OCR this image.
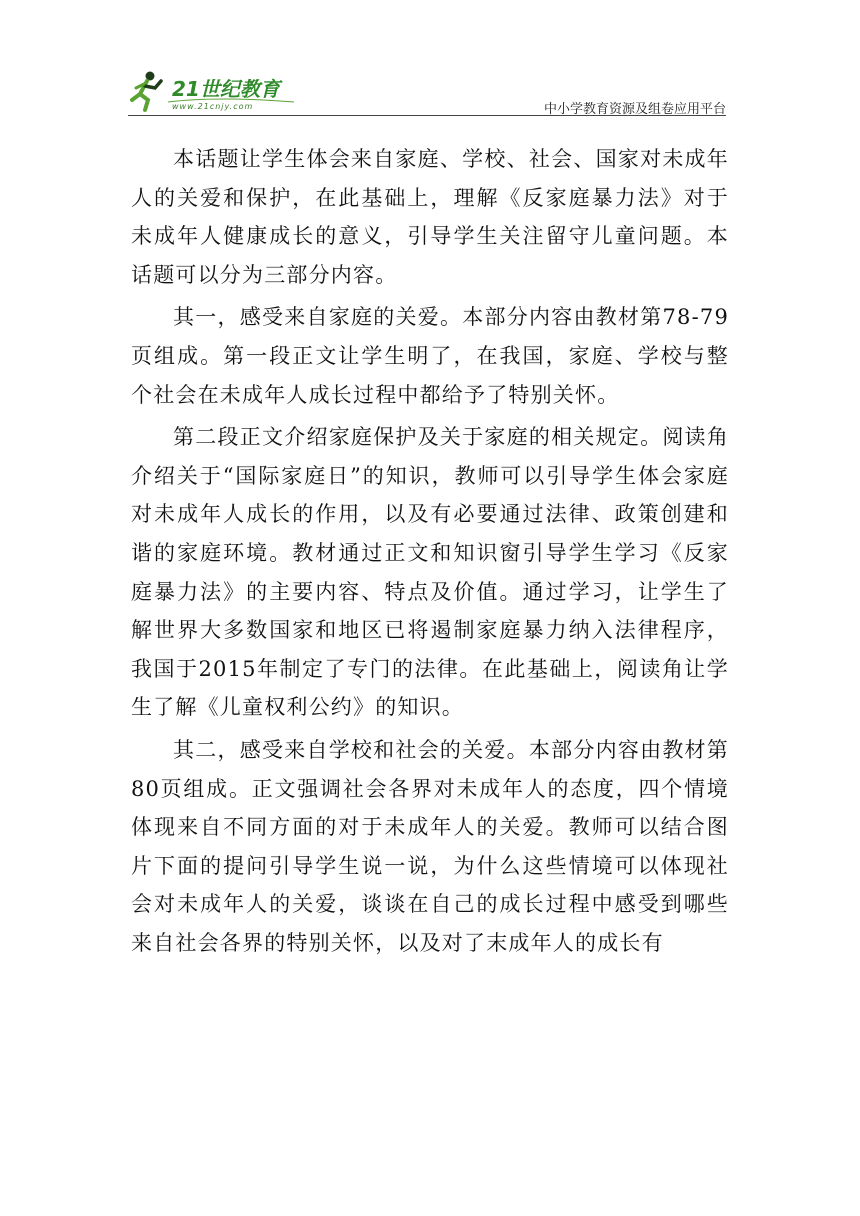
21世纪教育
www.21cnjy.com	中小学教育资源及组卷应用平台

本话题让学生体会来自家庭、学校、社会、国家对未成年人的关爱和保护，在此基础上，理解《反家庭暴力法》对于未成年人健康成长的意义，引导学生关注留守儿童问题。本话题可以分为三部分内容。

其一，感受来自家庭的关爱。本部分内容由教材第78-79页组成。第一段正文让学生明了，在我国，家庭、学校与整个社会在未成年人成长过程中都给予了特别关怀。

第二段正文介绍家庭保护及关于家庭的相关规定。阅读角介绍关于“国际家庭日”的知识，教师可以引导学生体会家庭对未成年人成长的作用，以及有必要通过法律、政策创建和谐的家庭环境。教材通过正文和知识窗引导学生学习《反家庭暴力法》的主要内容、特点及价值。通过学习，让学生了解世界大多数国家和地区已将遏制家庭暴力纳入法律程序，我国于2015年制定了专门的法律。在此基础上，阅读角让学生了解《儿童权利公约》的知识。

其二，感受来自学校和社会的关爱。本部分内容由教材第80页组成。正文强调社会各界对未成年人的态度，四个情境体现来自不同方面的对于未成年人的关爱。教师可以结合图片下面的提问引导学生说一说，为什么这些情境可以体现社会对未成年人的关爱，谈谈在自己的成长过程中感受到哪些来自社会各界的特别关怀，以及对了末成年人的成长有
